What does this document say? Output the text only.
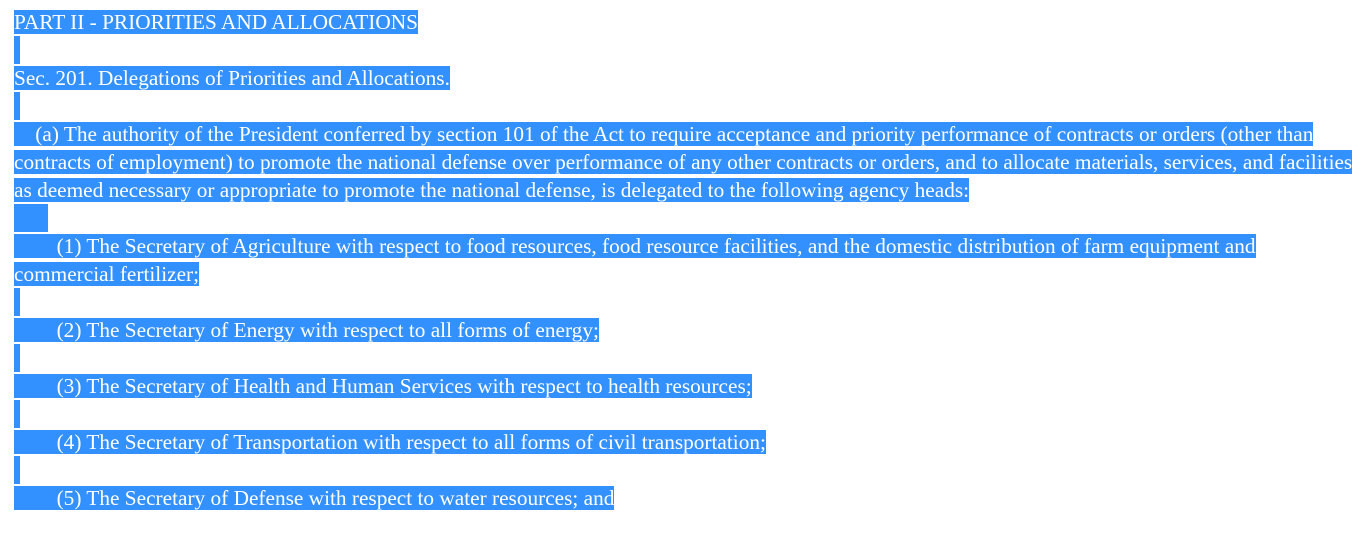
PART II - PRIORITIES AND ALLOCATIONS

Sec. 201. Delegations of Priorities and Allocations.

(a) The authority of the President conferred by section 101 of the Act to require acceptance and priority performance of contracts or orders (other than contracts of employment) to promote the national defense over performance of any other contracts or orders, and to allocate materials, services, and facilities as deemed necessary or appropriate to promote the national defense, is delegated to the following agency heads:

(1) The Secretary of Agriculture with respect to food resources, food resource facilities, and the domestic distribution of farm equipment and commercial fertilizer;

(2) The Secretary of Energy with respect to all forms of energy;

(3) The Secretary of Health and Human Services with respect to health resources;

(4) The Secretary of Transportation with respect to all forms of civil transportation;

(5) The Secretary of Defense with respect to water resources; and
